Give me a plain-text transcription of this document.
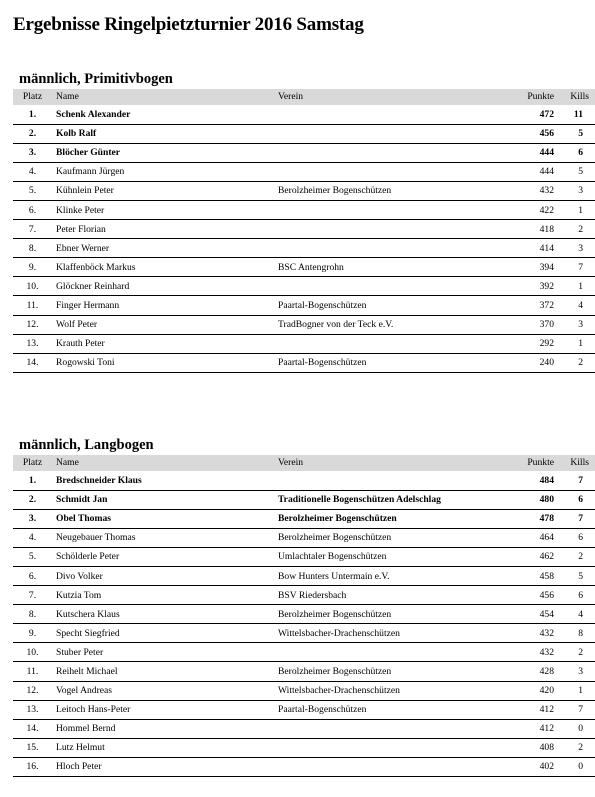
Ergebnisse Ringelpietzturnier 2016 Samstag
männlich, Primitivbogen
Platz	Name	Verein	Punkte	Kills
1.	Schenk Alexander		472	11
2.	Kolb Ralf		456	5
3.	Blöcher Günter		444	6
4.	Kaufmann Jürgen		444	5
5.	Kühnlein Peter	Berolzheimer Bogenschützen	432	3
6.	Klinke Peter		422	1
7.	Peter Florian		418	2
8.	Ebner Werner		414	3
9.	Klaffenböck Markus	BSC Antengrohn	394	7
10.	Glöckner Reinhard		392	1
11.	Finger Hermann	Paartal-Bogenschützen	372	4
12.	Wolf Peter	TradBogner von der Teck e.V.	370	3
13.	Krauth Peter		292	1
14.	Rogowski Toni	Paartal-Bogenschützen	240	2
männlich, Langbogen
Platz	Name	Verein	Punkte	Kills
1.	Bredschneider Klaus		484	7
2.	Schmidt Jan	Traditionelle Bogenschützen Adelschlag	480	6
3.	Obel Thomas	Berolzheimer Bogenschützen	478	7
4.	Neugebauer Thomas	Berolzheimer Bogenschützen	464	6
5.	Schölderle Peter	Umlachtaler Bogenschützen	462	2
6.	Divo Volker	Bow Hunters Untermain e.V.	458	5
7.	Kutzia Tom	BSV Riedersbach	456	6
8.	Kutschera Klaus	Berolzheimer Bogenschützen	454	4
9.	Specht Siegfried	Wittelsbacher-Drachenschützen	432	8
10.	Stuber Peter		432	2
11.	Reihelt Michael	Berolzheimer Bogenschützen	428	3
12.	Vogel Andreas	Wittelsbacher-Drachenschützen	420	1
13.	Leitoch Hans-Peter	Paartal-Bogenschützen	412	7
14.	Hommel Bernd		412	0
15.	Lutz Helmut		408	2
16.	Hloch Peter		402	0
